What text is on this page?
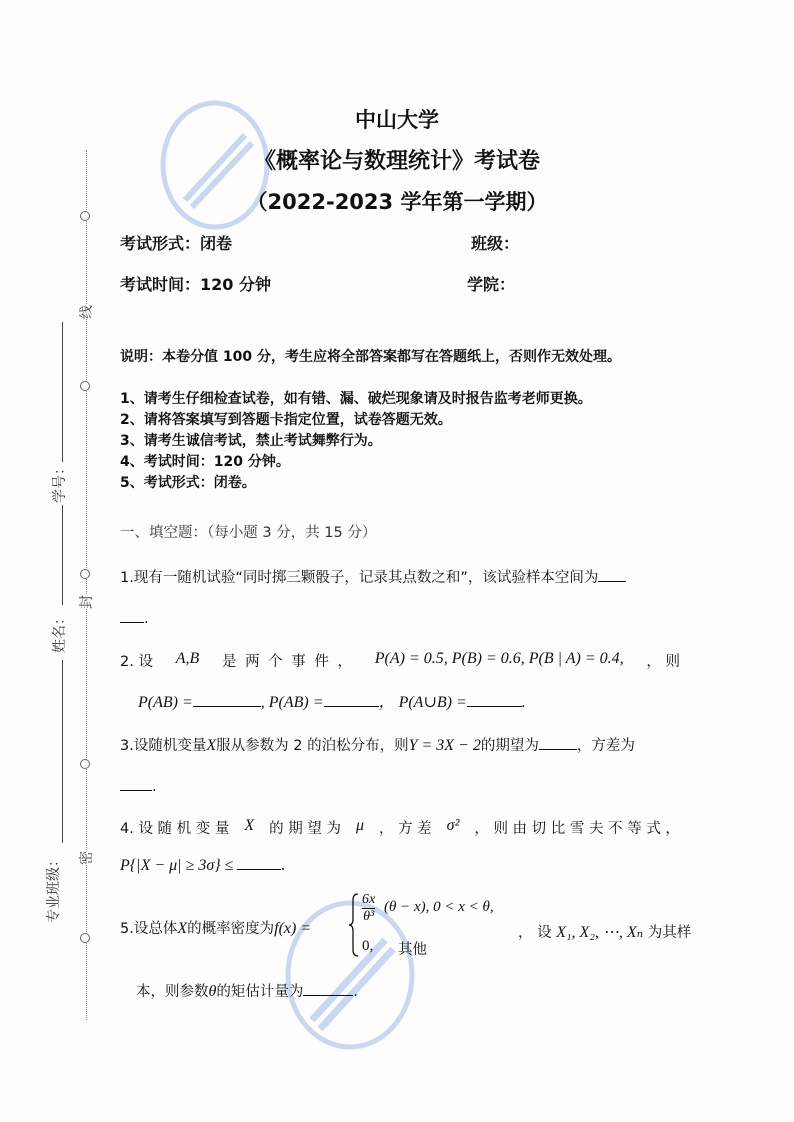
线
封
密
学号：
姓名：
专业班级：
中山大学
《概率论与数理统计》考试卷
（2022-2023 学年第一学期）
考试形式：闭卷	班级：
考试时间：120 分钟	学院：
说明：本卷分值 100 分，考生应将全部答案都写在答题纸上，否则作无效处理。
1、请考生仔细检查试卷，如有错、漏、破烂现象请及时报告监考老师更换。
2、请将答案填写到答题卡指定位置，试卷答题无效。
3、请考生诚信考试，禁止考试舞弊行为。
4、考试时间：120 分钟。
5、考试形式：闭卷。
一、填空题：（每小题 3 分，共 15 分）
1.现有一随机试验“同时掷三颗骰子，记录其点数之和”，该试验样本空间为
.
2. 设 A,B 是 两 个 事 件 ， P(A) = 0.5, P(B) = 0.6, P(B | A) = 0.4, ， 则
P(AB) =	, P(AB) =	， P(A∪B) =	.
3.设随机变量X服从参数为 2 的泊松分布，则Y = 3X − 2的期望为	，方差为
.
4. 设 随 机 变 量 X 的 期 望 为 μ ， 方 差 σ² ， 则 由 切 比 雪 夫 不 等 式 ，
P{|X − μ| ≥ 3σ} ≤	.
5.设总体X的概率密度为f(x) =
$\frac{6x}{\text{θ³}} (\theta - x)$, 0 < x < θ,
0, 其他
， 设 X₁, X₂, ⋯, Xₙ 为其样
本，则参数θ的矩估计量为	.
